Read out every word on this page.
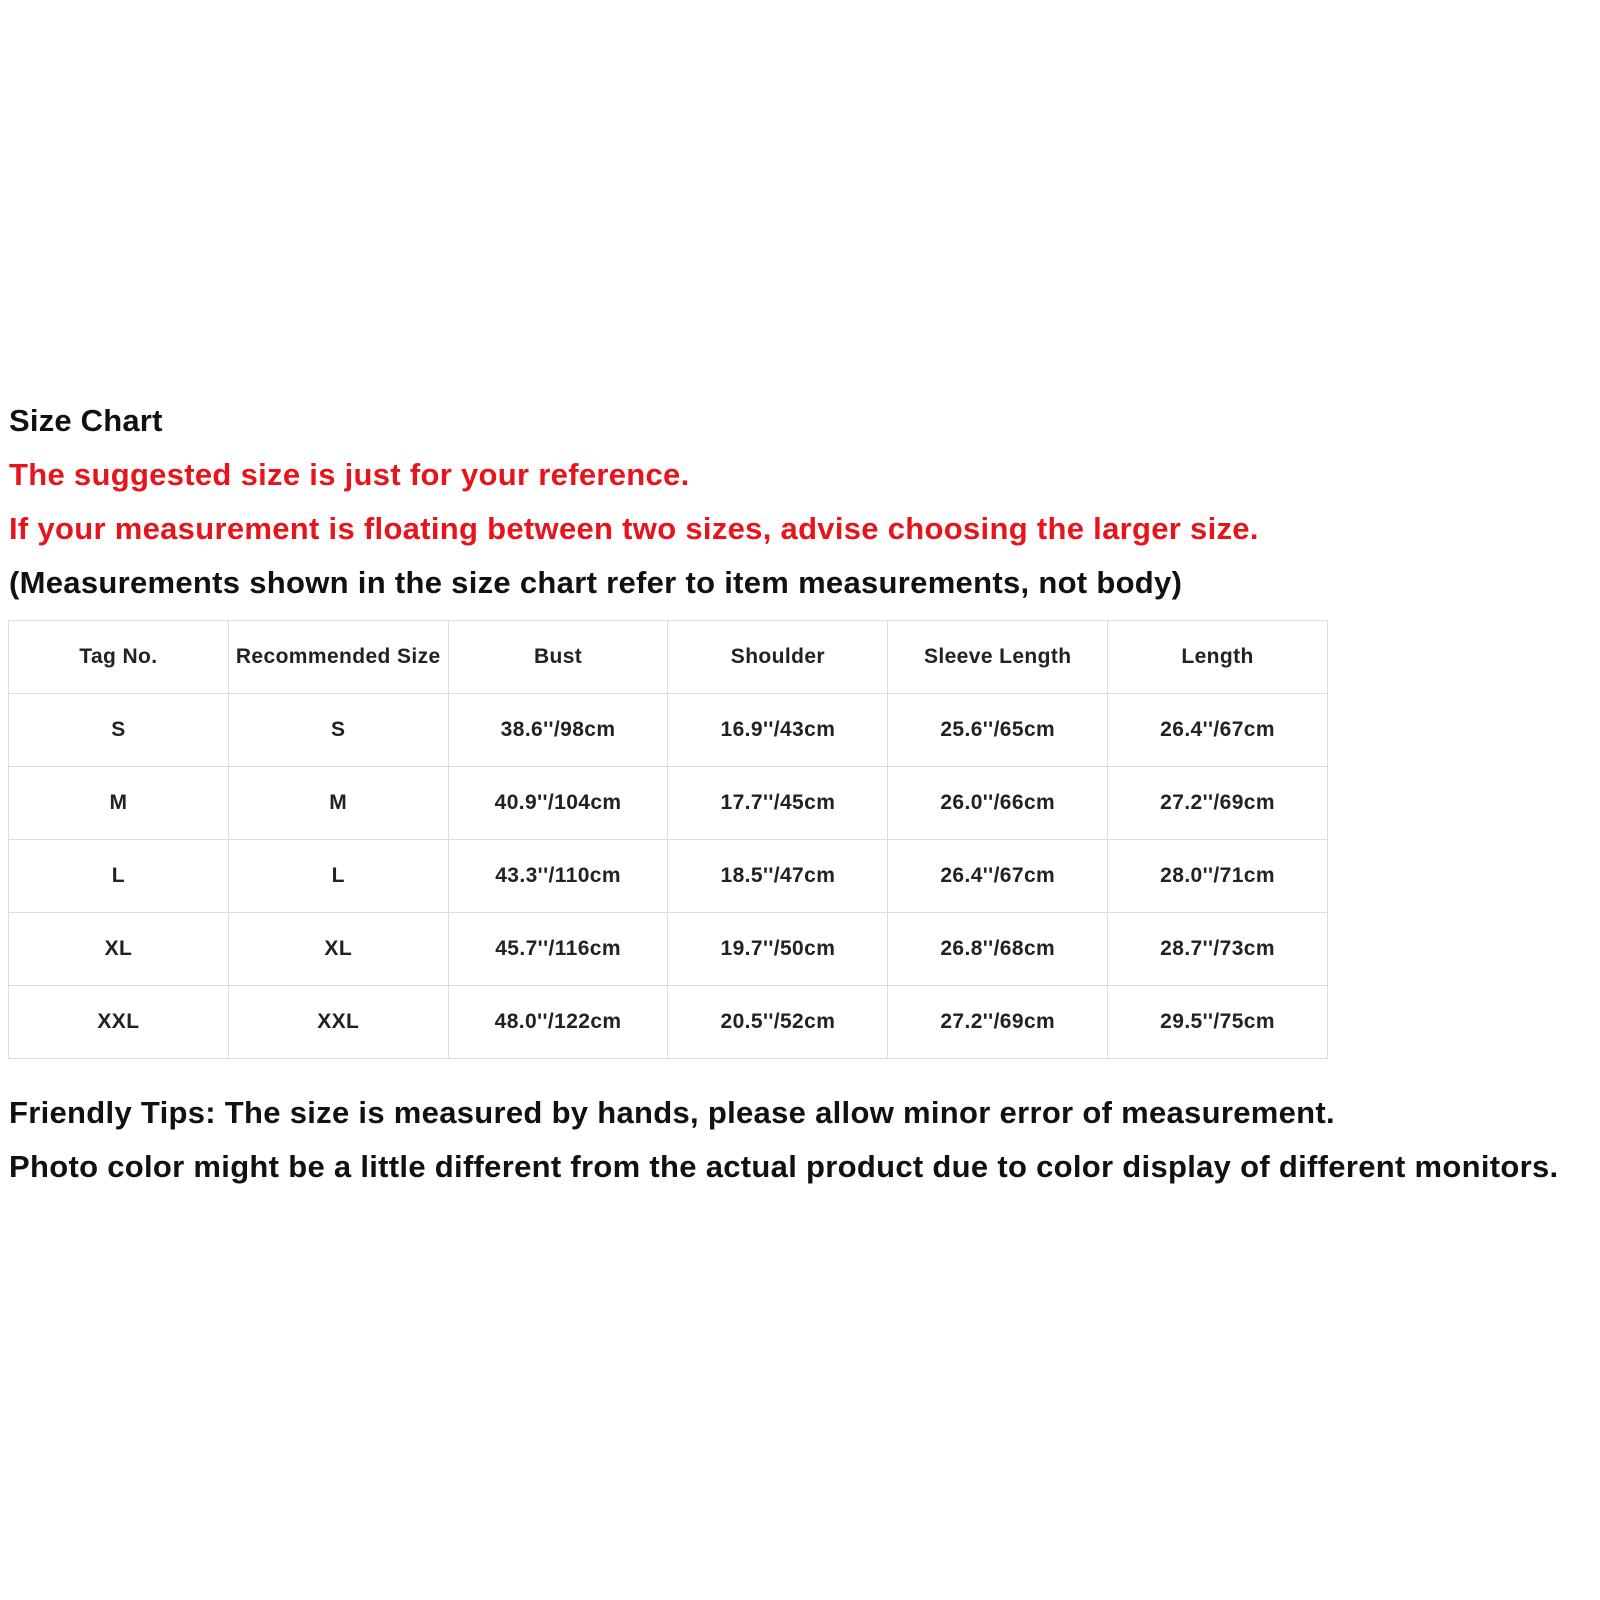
Size Chart
The suggested size is just for your reference.
If your measurement is floating between two sizes, advise choosing the larger size.
(Measurements shown in the size chart refer to item measurements, not body)
Tag No.	Recommended Size	Bust	Shoulder	Sleeve Length	Length
S	S	38.6''/98cm	16.9''/43cm	25.6''/65cm	26.4''/67cm
M	M	40.9''/104cm	17.7''/45cm	26.0''/66cm	27.2''/69cm
L	L	43.3''/110cm	18.5''/47cm	26.4''/67cm	28.0''/71cm
XL	XL	45.7''/116cm	19.7''/50cm	26.8''/68cm	28.7''/73cm
XXL	XXL	48.0''/122cm	20.5''/52cm	27.2''/69cm	29.5''/75cm
Friendly Tips: The size is measured by hands, please allow minor error of measurement.
Photo color might be a little different from the actual product due to color display of different monitors.
